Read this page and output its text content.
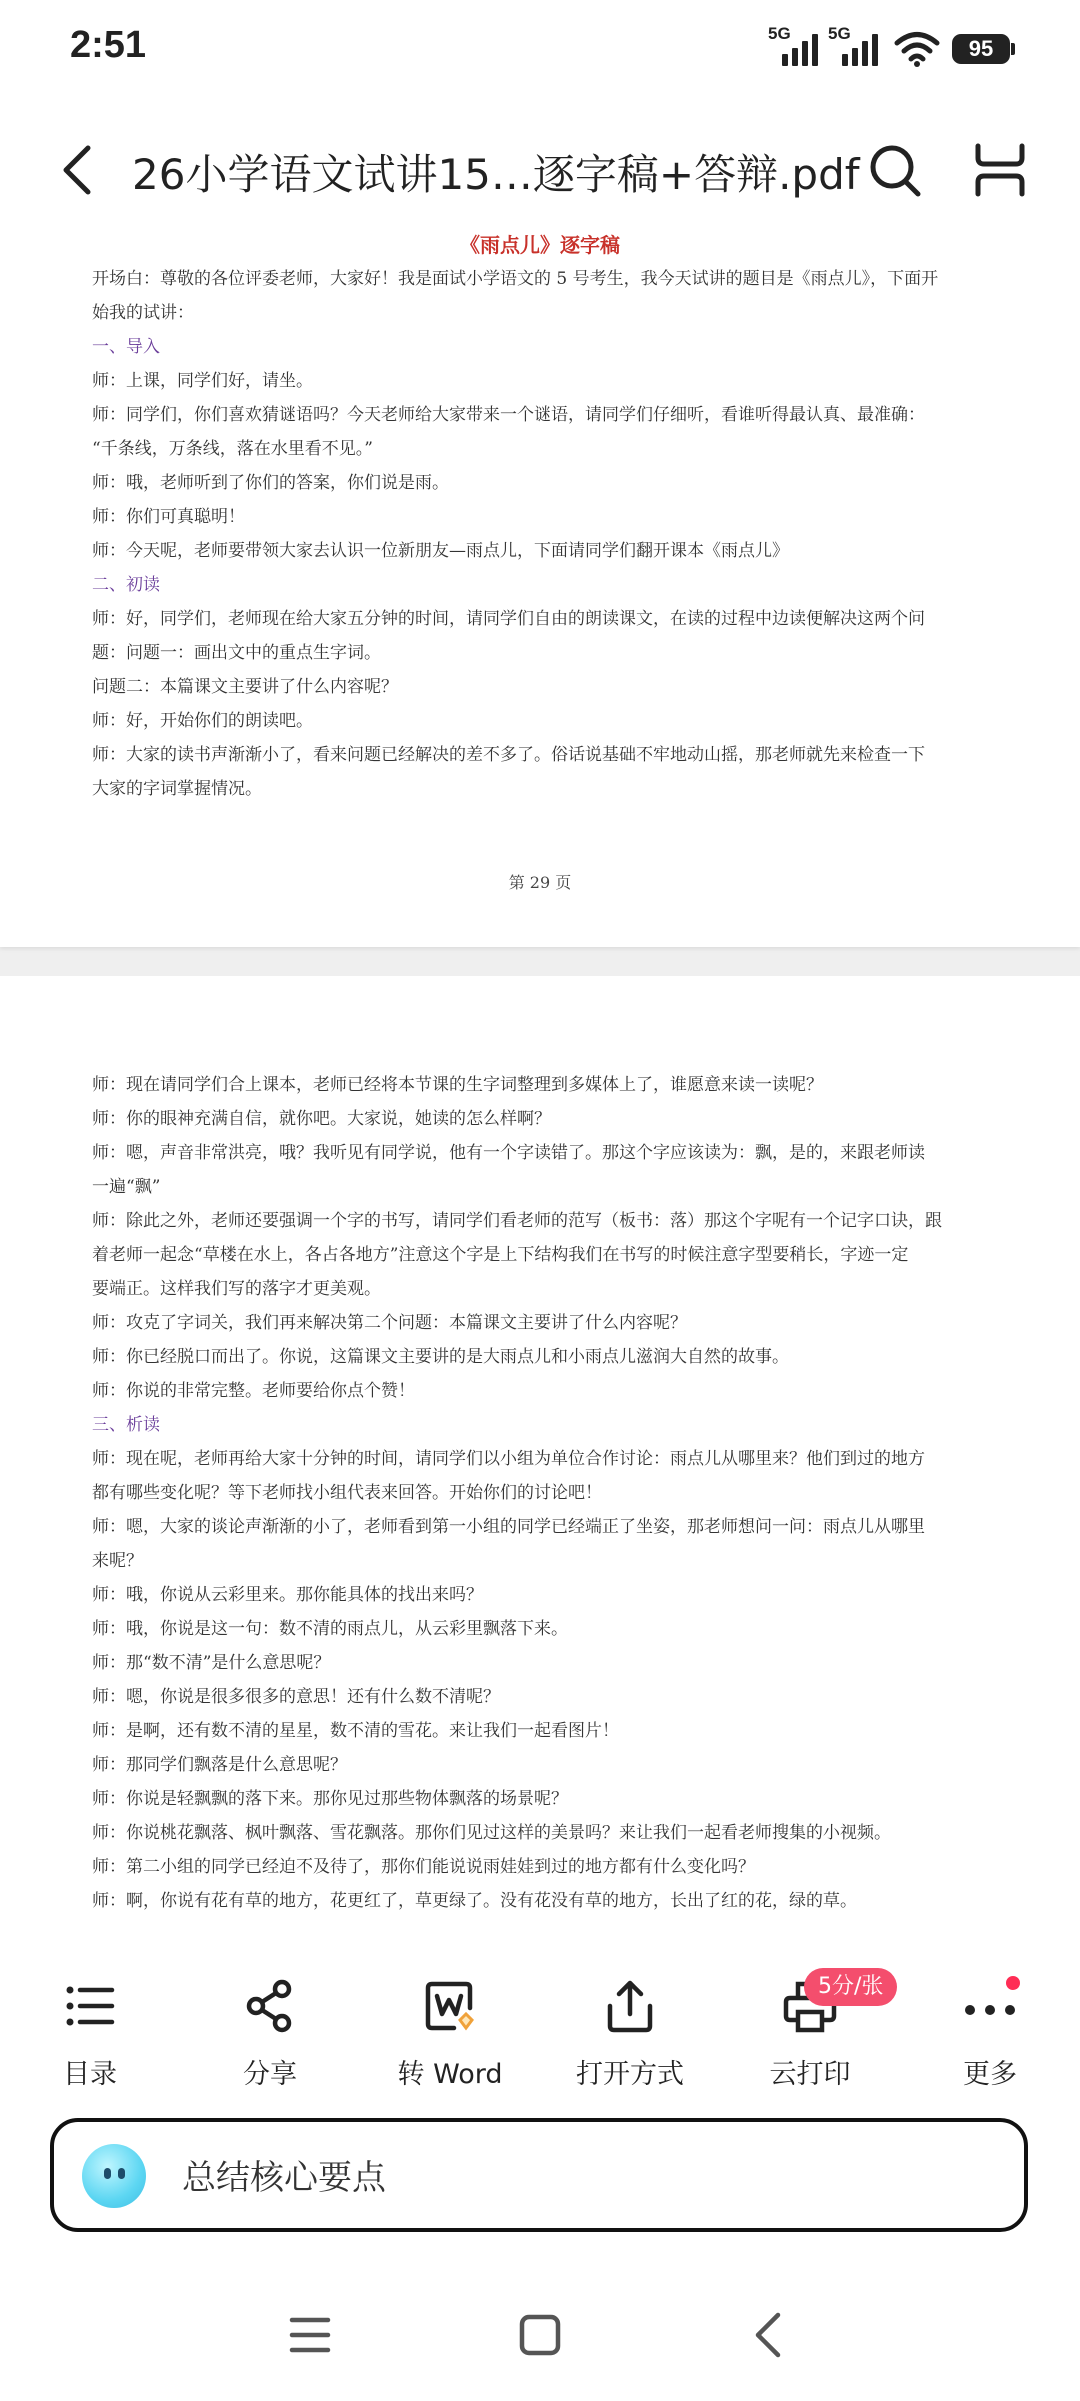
2:51	5G 5G
95
26小学语文试讲15…逐字稿+答辩.pdf

《雨点儿》逐字稿

开场白：尊敬的各位评委老师，大家好！我是面试小学语文的 5 号考生，我今天试讲的题目是《雨点儿》，下面开

始我的试讲：

一、导入

师：上课，同学们好，请坐。

师：同学们，你们喜欢猜谜语吗？今天老师给大家带来一个谜语，请同学们仔细听，看谁听得最认真、最准确：

“千条线，万条线，落在水里看不见。”

师：哦，老师听到了你们的答案，你们说是雨。

师：你们可真聪明！

师：今天呢，老师要带领大家去认识一位新朋友—雨点儿，下面请同学们翻开课本《雨点儿》

二、初读

师：好，同学们，老师现在给大家五分钟的时间，请同学们自由的朗读课文，在读的过程中边读便解决这两个问

题：问题一：画出文中的重点生字词。

问题二：本篇课文主要讲了什么内容呢？

师：好，开始你们的朗读吧。

师：大家的读书声渐渐小了，看来问题已经解决的差不多了。俗话说基础不牢地动山摇，那老师就先来检查一下

大家的字词掌握情况。

第 29 页

师：现在请同学们合上课本，老师已经将本节课的生字词整理到多媒体上了，谁愿意来读一读呢？

师：你的眼神充满自信，就你吧。大家说，她读的怎么样啊？

师：嗯，声音非常洪亮，哦？我听见有同学说，他有一个字读错了。那这个字应该读为：飘，是的，来跟老师读

一遍“飘”

师：除此之外，老师还要强调一个字的书写，请同学们看老师的范写（板书：落）那这个字呢有一个记字口诀，跟

着老师一起念“草楼在水上，各占各地方”注意这个字是上下结构我们在书写的时候注意字型要稍长，字迹一定

要端正。这样我们写的落字才更美观。

师：攻克了字词关，我们再来解决第二个问题：本篇课文主要讲了什么内容呢？

师：你已经脱口而出了。你说，这篇课文主要讲的是大雨点儿和小雨点儿滋润大自然的故事。

师：你说的非常完整。老师要给你点个赞！

三、析读

师：现在呢，老师再给大家十分钟的时间，请同学们以小组为单位合作讨论：雨点儿从哪里来？他们到过的地方

都有哪些变化呢？等下老师找小组代表来回答。开始你们的讨论吧！

师：嗯，大家的谈论声渐渐的小了，老师看到第一小组的同学已经端正了坐姿，那老师想问一问：雨点儿从哪里

来呢？

师：哦，你说从云彩里来。那你能具体的找出来吗？

师：哦，你说是这一句：数不清的雨点儿，从云彩里飘落下来。

师：那“数不清”是什么意思呢？

师：嗯，你说是很多很多的意思！还有什么数不清呢？

师：是啊，还有数不清的星星，数不清的雪花。来让我们一起看图片！

师：那同学们飘落是什么意思呢？

师：你说是轻飘飘的落下来。那你见过那些物体飘落的场景呢？

师：你说桃花飘落、枫叶飘落、雪花飘落。那你们见过这样的美景吗？来让我们一起看老师搜集的小视频。

师：第二小组的同学已经迫不及待了，那你们能说说雨娃娃到过的地方都有什么变化吗？

师：啊，你说有花有草的地方，花更红了，草更绿了。没有花没有草的地方，长出了红的花，绿的草。

目录	分享	转 Word	打开方式	云打印	更多
5分/张
总结核心要点
